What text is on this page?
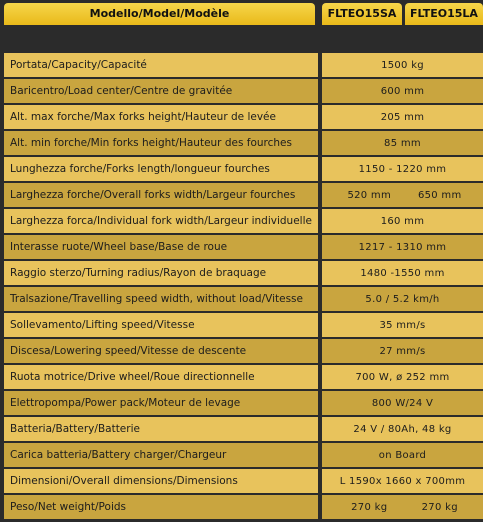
Modello/Model/Modèle	FLTEO15SA	FLTEO15LA
Portata/Capacity/Capacité	1500 kg
Baricentro/Load center/Centre de gravitée	600 mm
Alt. max forche/Max forks height/Hauteur de levée	205 mm
Alt. min forche/Min forks height/Hauteur des fourches	85 mm
Lunghezza forche/Forks length/longueur fourches	1150 - 1220 mm
Larghezza forche/Overall forks width/Largeur fourches	520 mm	650 mm
Larghezza forca/Individual fork width/Largeur individuelle	160 mm
Interasse ruote/Wheel base/Base de roue	1217 - 1310 mm
Raggio sterzo/Turning radius/Rayon de braquage	1480 -1550 mm
Tralsazione/Travelling speed width, without load/Vitesse	5.0 / 5.2 km/h
Sollevamento/Lifting speed/Vitesse	35 mm/s
Discesa/Lowering speed/Vitesse de descente	27 mm/s
Ruota motrice/Drive wheel/Roue directionnelle	700 W, ø 252 mm
Elettropompa/Power pack/Moteur de levage	800 W/24 V
Batteria/Battery/Batterie	24 V / 80Ah, 48 kg
Carica batteria/Battery charger/Chargeur	on Board
Dimensioni/Overall dimensions/Dimensions	L 1590x 1660 x 700mm
Peso/Net weight/Poids	270 kg	270 kg
